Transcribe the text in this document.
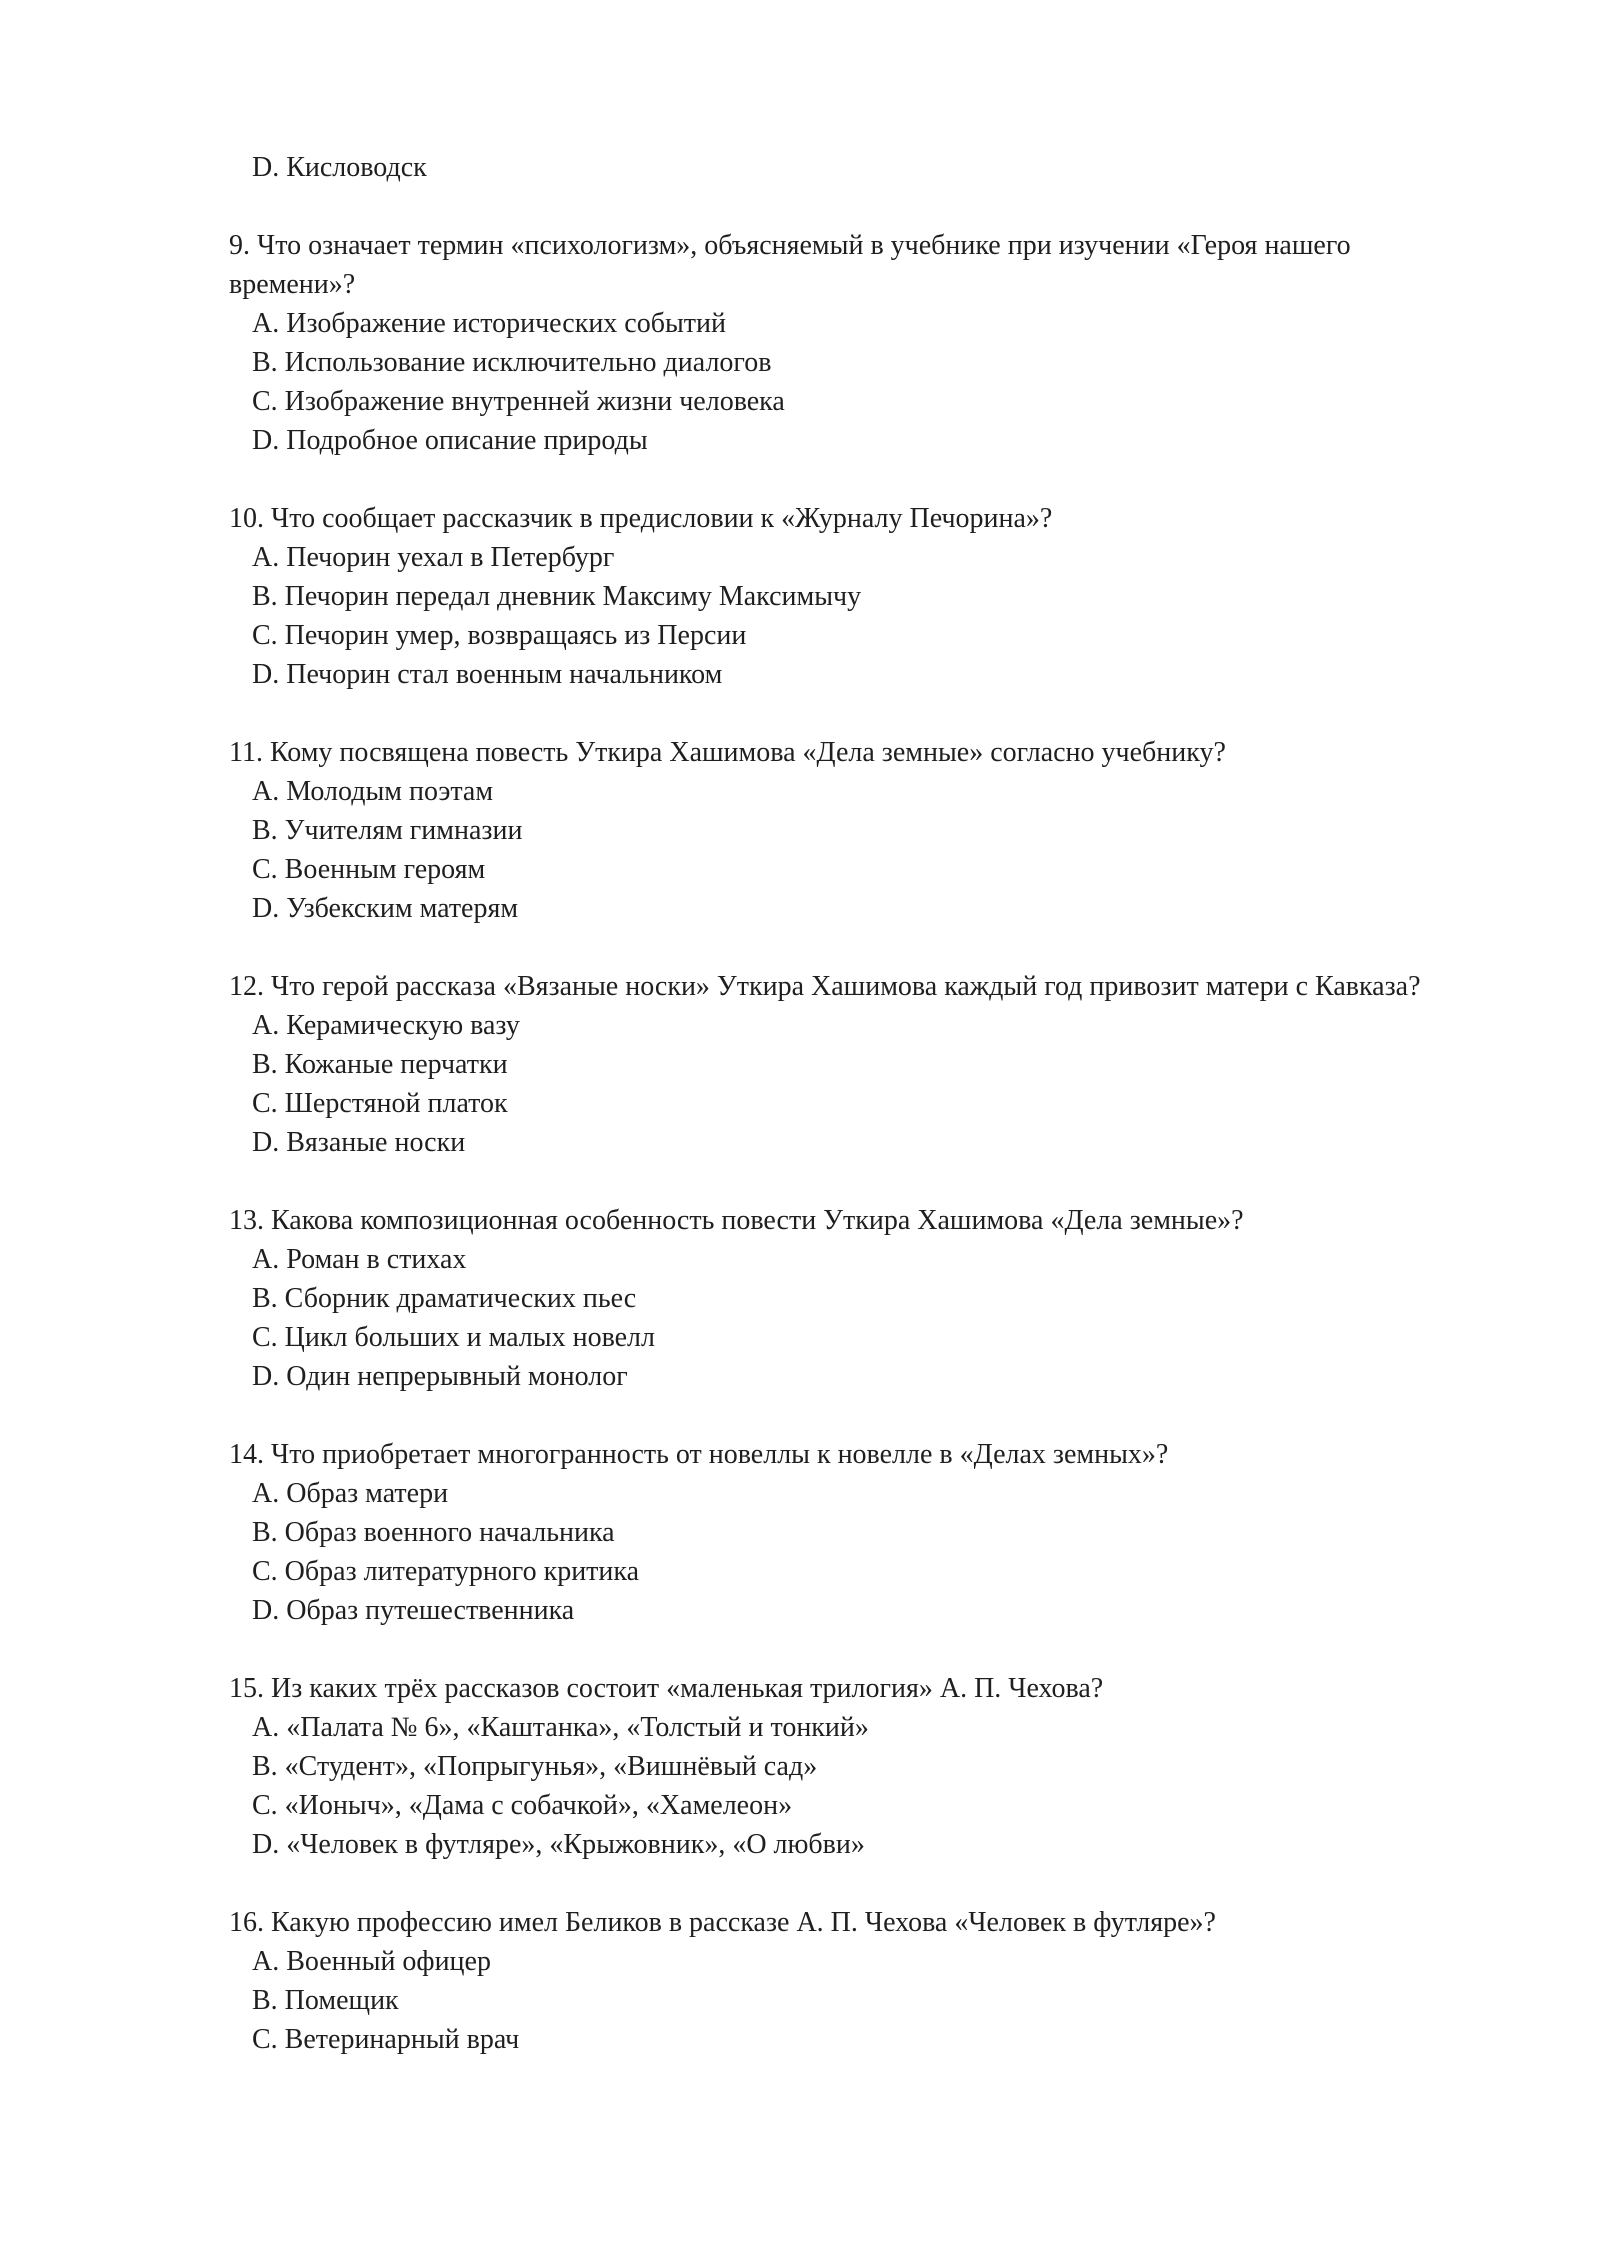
D. Кисловодск
9. Что означает термин «психологизм», объясняемый в учебнике при изучении «Героя нашего времени»?
A. Изображение исторических событий
B. Использование исключительно диалогов
C. Изображение внутренней жизни человека
D. Подробное описание природы
10. Что сообщает рассказчик в предисловии к «Журналу Печорина»?
A. Печорин уехал в Петербург
B. Печорин передал дневник Максиму Максимычу
C. Печорин умер, возвращаясь из Персии
D. Печорин стал военным начальником
11. Кому посвящена повесть Уткира Хашимова «Дела земные» согласно учебнику?
A. Молодым поэтам
B. Учителям гимназии
C. Военным героям
D. Узбекским матерям
12. Что герой рассказа «Вязаные носки» Уткира Хашимова каждый год привозит матери с Кавказа?
A. Керамическую вазу
B. Кожаные перчатки
C. Шерстяной платок
D. Вязаные носки
13. Какова композиционная особенность повести Уткира Хашимова «Дела земные»?
A. Роман в стихах
B. Сборник драматических пьес
C. Цикл больших и малых новелл
D. Один непрерывный монолог
14. Что приобретает многогранность от новеллы к новелле в «Делах земных»?
A. Образ матери
B. Образ военного начальника
C. Образ литературного критика
D. Образ путешественника
15. Из каких трёх рассказов состоит «маленькая трилогия» А. П. Чехова?
A. «Палата № 6», «Каштанка», «Толстый и тонкий»
B. «Студент», «Попрыгунья», «Вишнёвый сад»
C. «Ионыч», «Дама с собачкой», «Хамелеон»
D. «Человек в футляре», «Крыжовник», «О любви»
16. Какую профессию имел Беликов в рассказе А. П. Чехова «Человек в футляре»?
A. Военный офицер
B. Помещик
C. Ветеринарный врач
